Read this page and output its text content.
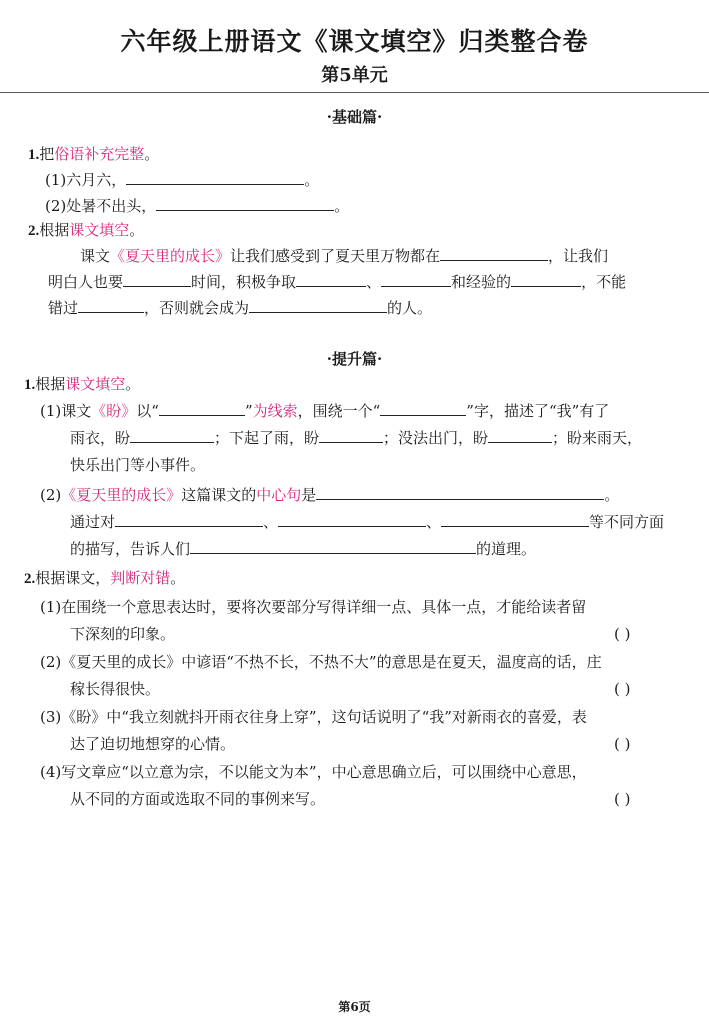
六年级上册语文《课文填空》归类整合卷
第5单元
·基础篇·
1.把俗语补充完整。
(1)六月六，	。
(2)处暑不出头，	。
2.根据课文填空。
课文《夏天里的成长》让我们感受到了夏天里万物都在	，让我们
明白人也要	时间，积极争取	、	和经验的	，不能
错过	，否则就会成为	的人。
·提升篇·
1.根据课文填空。
(1)课文《盼》以“	”为线索，围绕一个“	”字，描述了“我”有了
雨衣，盼	；下起了雨，盼	；没法出门，盼	；盼来雨天，
快乐出门等小事件。
(2)《夏天里的成长》这篇课文的中心句是	。
通过对	、	、	等不同方面
的描写，告诉人们	的道理。
2.根据课文，判断对错。
(1)在围绕一个意思表达时，要将次要部分写得详细一点、具体一点，才能给读者留
下深刻的印象。	( )
(2)《夏天里的成长》中谚语“不热不长，不热不大”的意思是在夏天，温度高的话，庄
稼长得很快。	( )
(3)《盼》中“我立刻就抖开雨衣往身上穿”，这句话说明了“我”对新雨衣的喜爱，表
达了迫切地想穿的心情。	( )
(4)写文章应“以立意为宗，不以能文为本”，中心意思确立后，可以围绕中心意思，
从不同的方面或选取不同的事例来写。	( )
第6页
